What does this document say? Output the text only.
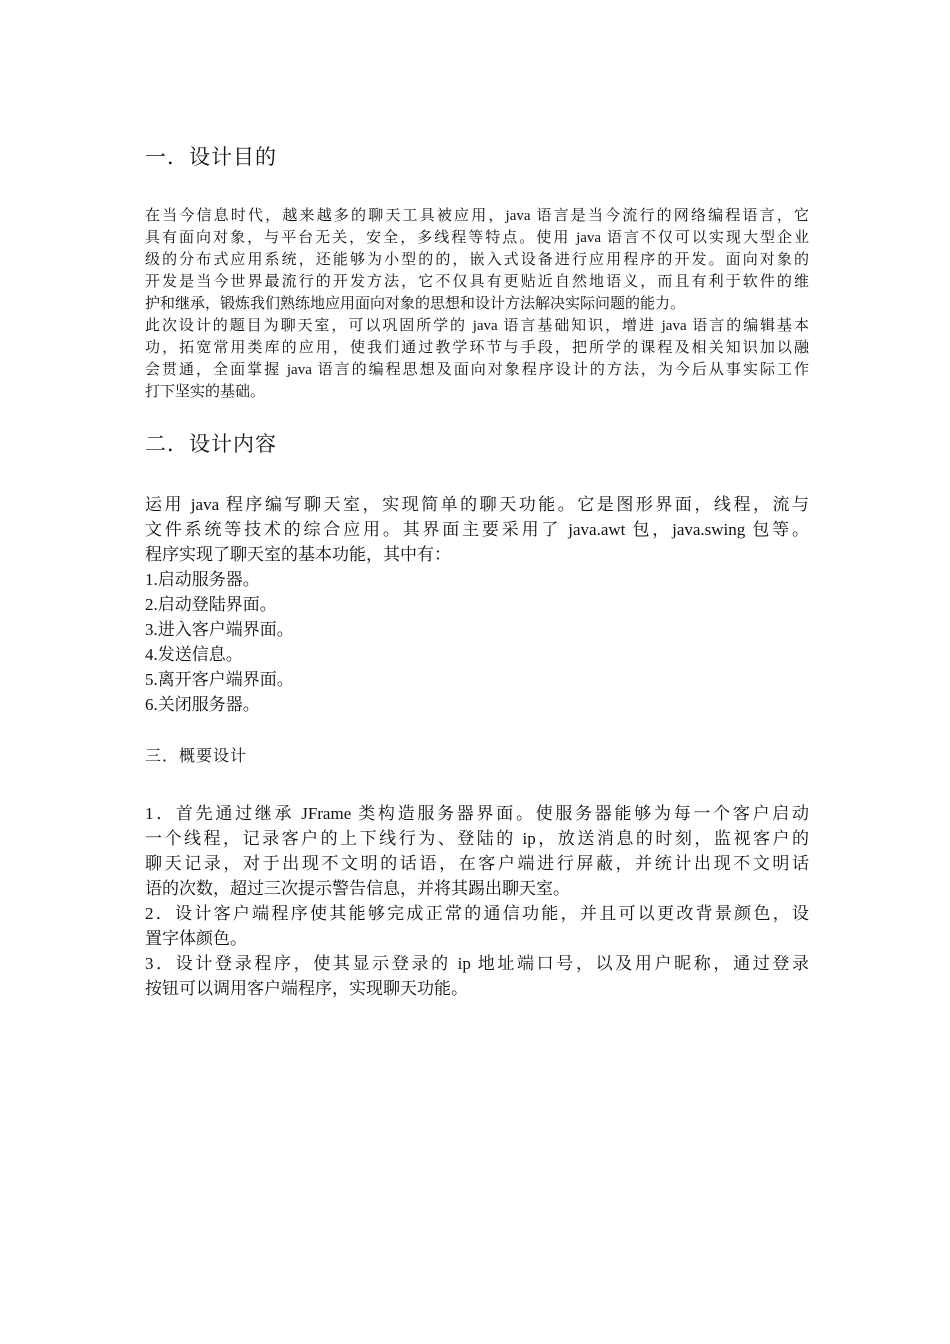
一．设计目的
在当今信息时代，越来越多的聊天工具被应用，java 语言是当今流行的网络编程语言，它
具有面向对象，与平台无关，安全，多线程等特点。使用 java 语言不仅可以实现大型企业
级的分布式应用系统，还能够为小型的的，嵌入式设备进行应用程序的开发。面向对象的
开发是当今世界最流行的开发方法，它不仅具有更贴近自然地语义，而且有利于软件的维
护和继承，锻炼我们熟练地应用面向对象的思想和设计方法解决实际问题的能力。
此次设计的题目为聊天室，可以巩固所学的 java 语言基础知识，增进 java 语言的编辑基本
功，拓宽常用类库的应用，使我们通过教学环节与手段，把所学的课程及相关知识加以融
会贯通，全面掌握 java 语言的编程思想及面向对象程序设计的方法，为今后从事实际工作
打下坚实的基础。
二．设计内容
运用 java 程序编写聊天室，实现简单的聊天功能。它是图形界面，线程，流与
文件系统等技术的综合应用。其界面主要采用了 java.awt 包，java.swing 包等。
程序实现了聊天室的基本功能，其中有：
1.启动服务器。
2.启动登陆界面。
3.进入客户端界面。
4.发送信息。
5.离开客户端界面。
6.关闭服务器。
三．概要设计
1．首先通过继承 JFrame 类构造服务器界面。使服务器能够为每一个客户启动
一个线程，记录客户的上下线行为、登陆的 ip，放送消息的时刻，监视客户的
聊天记录，对于出现不文明的话语，在客户端进行屏蔽，并统计出现不文明话
语的次数，超过三次提示警告信息，并将其踢出聊天室。
2．设计客户端程序使其能够完成正常的通信功能，并且可以更改背景颜色，设
置字体颜色。
3．设计登录程序，使其显示登录的 ip 地址端口号，以及用户昵称，通过登录
按钮可以调用客户端程序，实现聊天功能。
